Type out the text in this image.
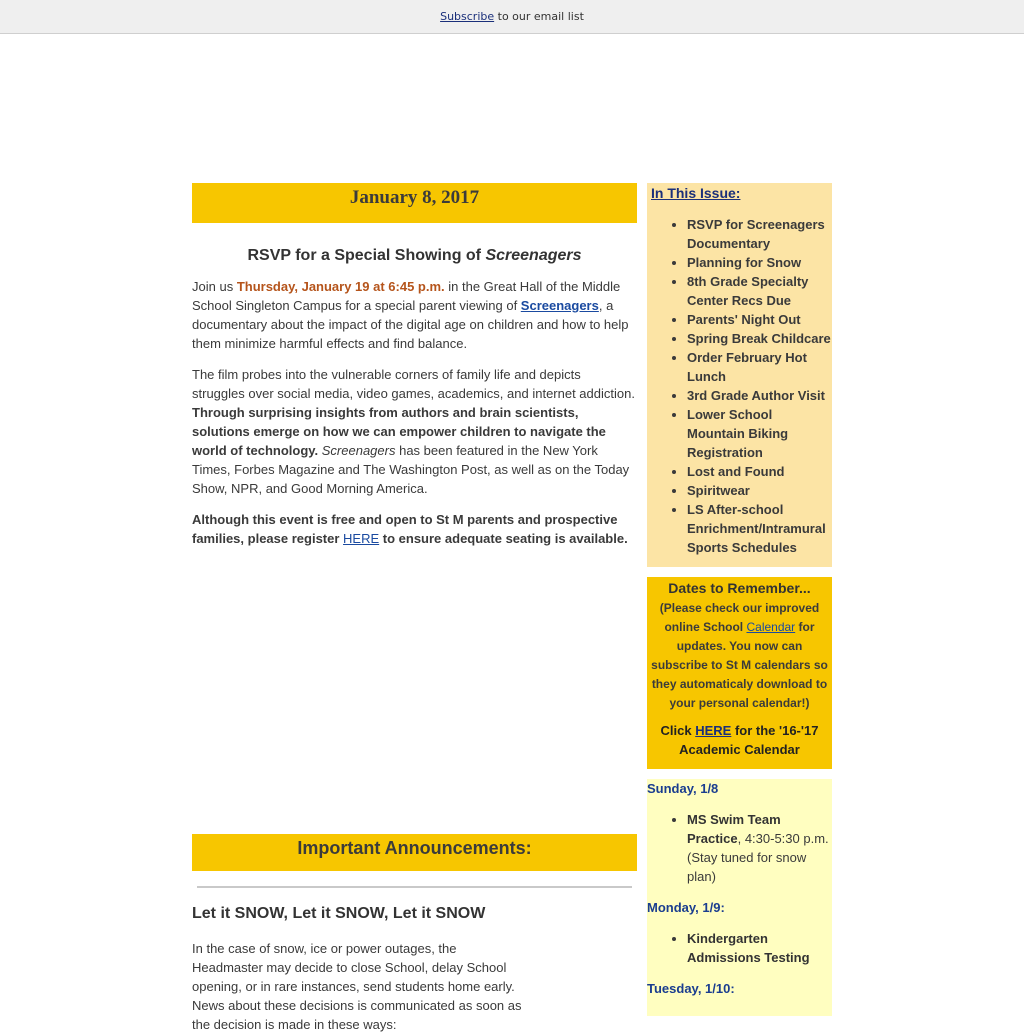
Subscribe to our email list
January 8, 2017
RSVP for a Special Showing of Screenagers

Join us Thursday, January 19 at 6:45 p.m. in the Great Hall of the Middle School Singleton Campus for a special parent viewing of Screenagers, a documentary about the impact of the digital age on children and how to help them minimize harmful effects and find balance.

The film probes into the vulnerable corners of family life and depicts struggles over social media, video games, academics, and internet addiction. Through surprising insights from authors and brain scientists, solutions emerge on how we can empower children to navigate the world of technology. Screenagers has been featured in the New York Times, Forbes Magazine and The Washington Post, as well as on the Today Show, NPR, and Good Morning America.

Although this event is free and open to St M parents and prospective families, please register HERE to ensure adequate seating is available.

Important Announcements:
Let it SNOW, Let it SNOW, Let it SNOW
In the case of snow, ice or power outages, the Headmaster may decide to close School, delay School opening, or in rare instances, send students home early. News about these decisions is communicated as soon as the decision is made in these ways:
In This Issue:
• RSVP for Screenagers Documentary
• Planning for Snow
• 8th Grade Specialty Center Recs Due
• Parents' Night Out
• Spring Break Childcare
• Order February Hot Lunch
• 3rd Grade Author Visit
• Lower School Mountain Biking Registration
• Lost and Found
• Spiritwear
• LS After-school Enrichment/Intramural Sports Schedules
Dates to Remember...

(Please check our improved online School Calendar for updates. You now can subscribe to St M calendars so they automaticaly download to your personal calendar!)

Click HERE for the '16-'17 Academic Calendar

Sunday, 1/8

• MS Swim Team Practice, 4:30-5:30 p.m. (Stay tuned for snow plan)

Monday, 1/9:

• Kindergarten Admissions Testing

Tuesday, 1/10:
